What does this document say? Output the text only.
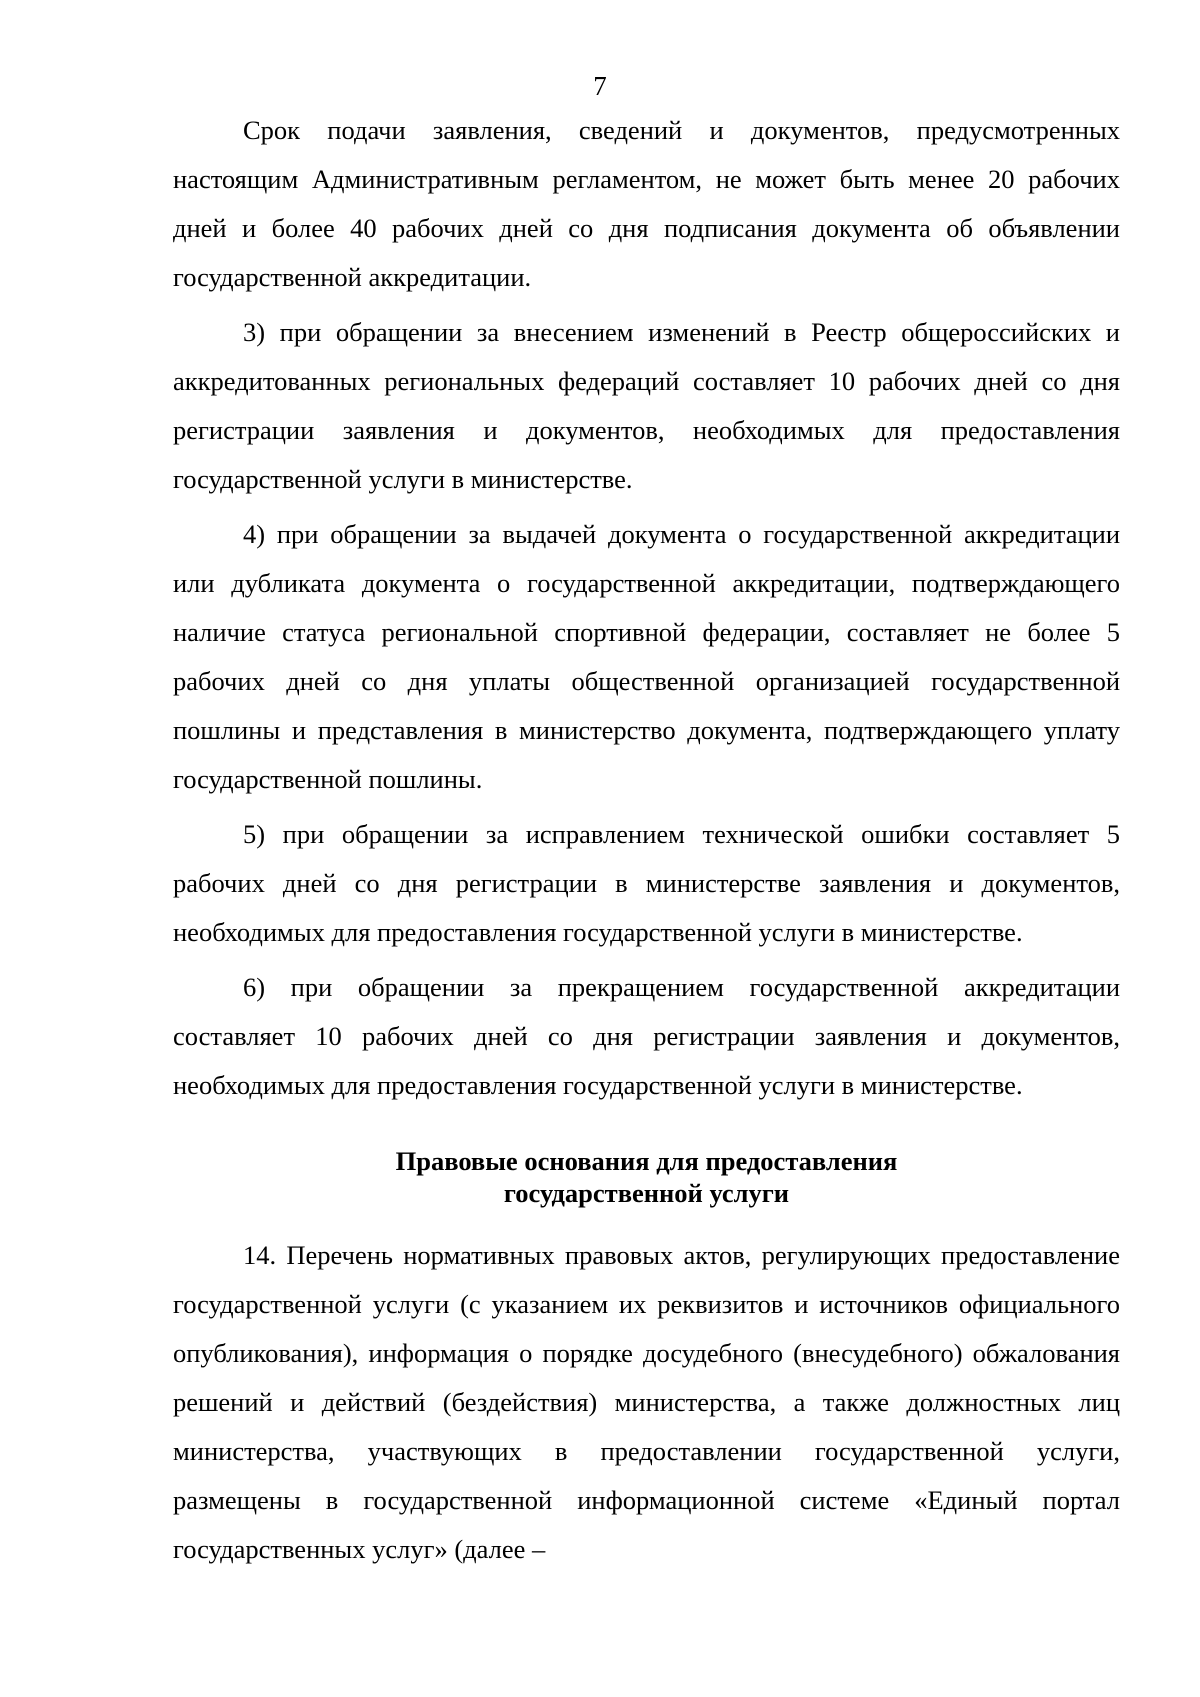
7

Срок подачи заявления, сведений и документов, предусмотренных настоящим Административным регламентом, не может быть менее 20 рабочих дней и более 40 рабочих дней со дня подписания документа об объявлении государственной аккредитации.

3) при обращении за внесением изменений в Реестр общероссийских и аккредитованных региональных федераций составляет 10 рабочих дней со дня регистрации заявления и документов, необходимых для предоставления государственной услуги в министерстве.

4) при обращении за выдачей документа о государственной аккредитации или дубликата документа о государственной аккредитации, подтверждающего наличие статуса региональной спортивной федерации, составляет не более 5 рабочих дней со дня уплаты общественной организацией государственной пошлины и представления в министерство документа, подтверждающего уплату государственной пошлины.

5) при обращении за исправлением технической ошибки составляет 5 рабочих дней со дня регистрации в министерстве заявления и документов, необходимых для предоставления государственной услуги в министерстве.

6) при обращении за прекращением государственной аккредитации составляет 10 рабочих дней со дня регистрации заявления и документов, необходимых для предоставления государственной услуги в министерстве.

Правовые основания для предоставления
государственной услуги

14. Перечень нормативных правовых актов, регулирующих предоставление государственной услуги (с указанием их реквизитов и источников официального опубликования), информация о порядке досудебного (внесудебного) обжалования решений и действий (бездействия) министерства, а также должностных лиц министерства, участвующих в предоставлении государственной услуги, размещены в государственной информационной системе «Единый портал государственных услуг» (далее –
